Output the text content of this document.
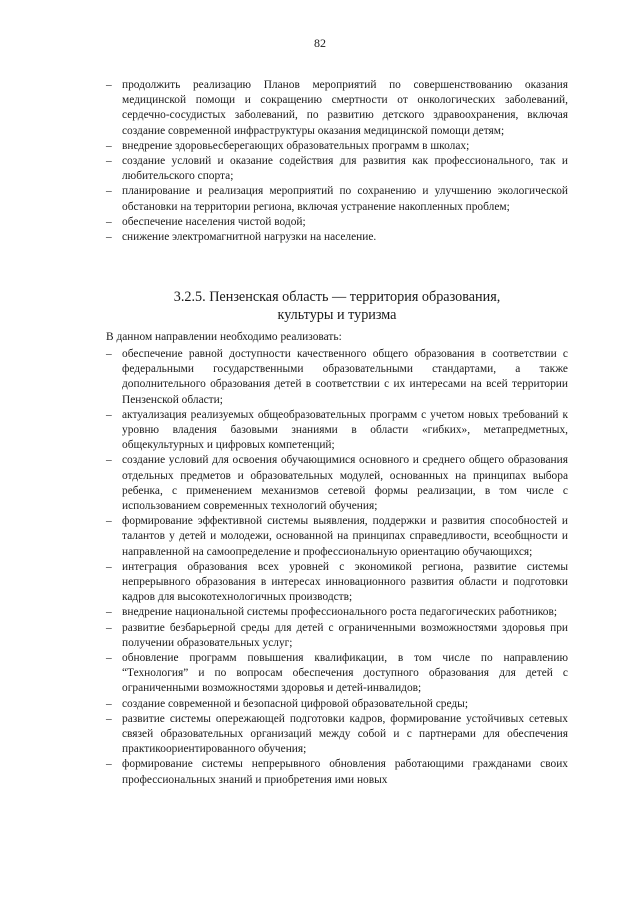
82
– продолжить реализацию Планов мероприятий по совершенствованию оказания медицинской помощи и сокращению смертности от онкологических заболеваний, сердечно-сосудистых заболеваний, по развитию детского здравоохранения, включая создание современной инфраструктуры оказания медицинской помощи детям;
– внедрение здоровьесберегающих образовательных программ в школах;
– создание условий и оказание содействия для развития как профессионального, так и любительского спорта;
– планирование и реализация мероприятий по сохранению и улучшению экологической обстановки на территории региона, включая устранение накопленных проблем;
– обеспечение населения чистой водой;
– снижение электромагнитной нагрузки на население.
3.2.5. Пензенская область — территория образования,
культуры и туризма
В данном направлении необходимо реализовать:
– обеспечение равной доступности качественного общего образования в соответствии с федеральными государственными образовательными стандартами, а также дополнительного образования детей в соответствии с их интересами на всей территории Пензенской области;
– актуализация реализуемых общеобразовательных программ с учетом новых требований к уровню владения базовыми знаниями в области «гибких», метапредметных, общекультурных и цифровых компетенций;
– создание условий для освоения обучающимися основного и среднего общего образования отдельных предметов и образовательных модулей, основанных на принципах выбора ребенка, с применением механизмов сетевой формы реализации, в том числе с использованием современных технологий обучения;
– формирование эффективной системы выявления, поддержки и развития способностей и талантов у детей и молодежи, основанной на принципах справедливости, всеобщности и направленной на самоопределение и профессиональную ориентацию обучающихся;
– интеграция образования всех уровней с экономикой региона, развитие системы непрерывного образования в интересах инновационного развития области и подготовки кадров для высокотехнологичных производств;
– внедрение национальной системы профессионального роста педагогических работников;
– развитие безбарьерной среды для детей с ограниченными возможностями здоровья при получении образовательных услуг;
– обновление программ повышения квалификации, в том числе по направлению “Технология” и по вопросам обеспечения доступного образования для детей с ограниченными возможностями здоровья и детей-инвалидов;
– создание современной и безопасной цифровой образовательной среды;
– развитие системы опережающей подготовки кадров, формирование устойчивых сетевых связей образовательных организаций между собой и с партнерами для обеспечения практикоориентированного обучения;
– формирование системы непрерывного обновления работающими гражданами своих профессиональных знаний и приобретения ими новых
